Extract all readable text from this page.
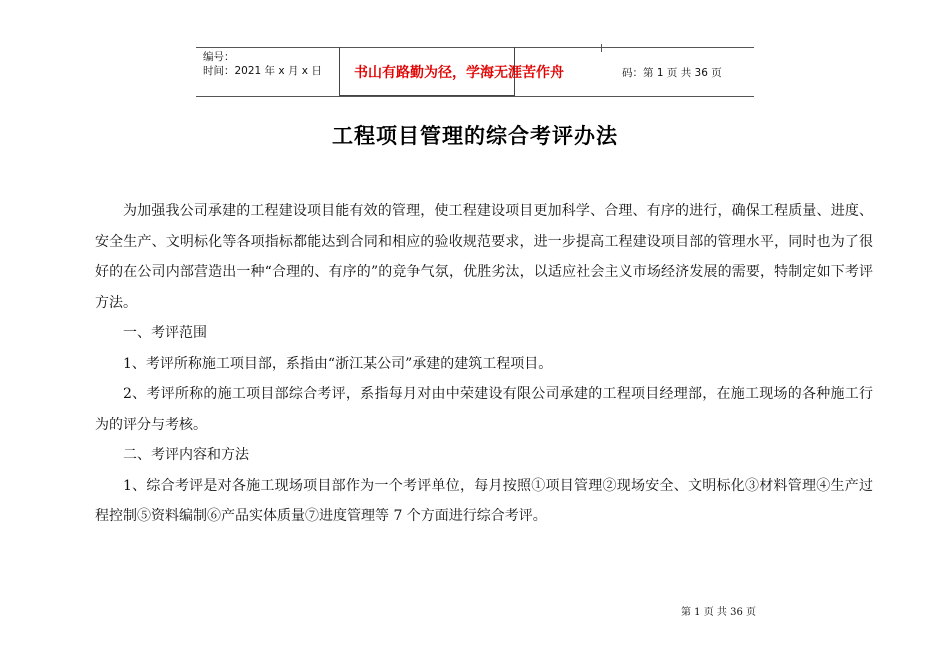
编号：
时间：2021 年 x 月 x 日	书山有路勤为径，学海无涯苦作舟	码：第 1 页 共 36 页
工程项目管理的综合考评办法

为加强我公司承建的工程建设项目能有效的管理，使工程建设项目更加科学、合理、有序的进行，确保工程质量、进度、安全生产、文明标化等各项指标都能达到合同和相应的验收规范要求，进一步提高工程建设项目部的管理水平，同时也为了很好的在公司内部营造出一种“合理的、有序的”的竞争气氛，优胜劣汰，以适应社会主义市场经济发展的需要，特制定如下考评方法。

一、考评范围

1、考评所称施工项目部，系指由“浙江某公司”承建的建筑工程项目。

2、考评所称的施工项目部综合考评，系指每月对由中荣建设有限公司承建的工程项目经理部，在施工现场的各种施工行为的评分与考核。

二、考评内容和方法

1、综合考评是对各施工现场项目部作为一个考评单位，每月按照①项目管理②现场安全、文明标化③材料管理④生产过程控制⑤资料编制⑥产品实体质量⑦进度管理等 7 个方面进行综合考评。

第 1 页 共 36 页
